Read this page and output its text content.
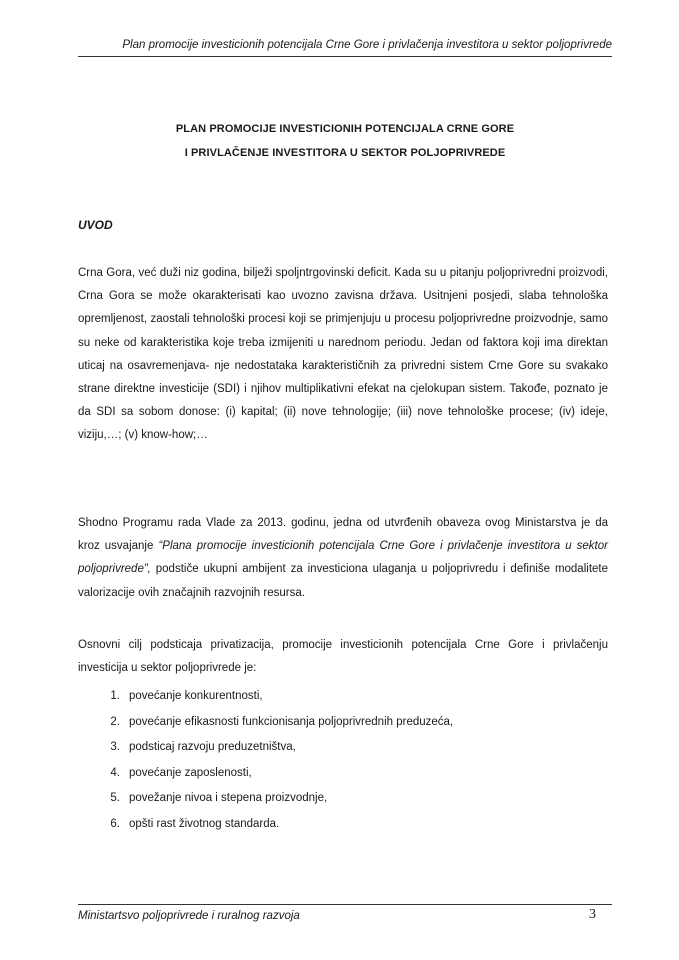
Plan promocije investicionih potencijala Crne Gore i privlačenja investitora u sektor poljoprivrede
PLAN PROMOCIJE INVESTICIONIH POTENCIJALA CRNE GORE
I PRIVLAČENJE INVESTITORA U SEKTOR POLJOPRIVREDE
UVOD
Crna Gora, već duži niz godina, bilježi spoljntrgovinski deficit. Kada su u pitanju poljoprivredni proizvodi, Crna Gora se može okarakterisati kao uvozno zavisna država. Usitnjeni posjedi, slaba tehnološka opremljenost, zaostali tehnološki procesi koji se primjenjuju u procesu poljoprivredne proizvodnje, samo su neke od karakteristika koje treba izmijeniti u narednom periodu. Jedan od faktora koji ima direktan uticaj na osavremenjava- nje nedostataka karakterističnih za privredni sistem Crne Gore su svakako strane direktne investicije (SDI) i njihov multiplikativni efekat na cjelokupan sistem. Takođe, poznato je da SDI sa sobom donose: (i) kapital; (ii) nove tehnologije; (iii) nove tehnološke procese; (iv) ideje, viziju,…; (v) know-how;…
Shodno Programu rada Vlade za 2013. godinu, jedna od utvrđenih obaveza ovog Ministarstva je da kroz usvajanje “Plana promocije investicionih potencijala Crne Gore i privlačenje investitora u sektor poljoprivrede”, podstiče ukupni ambijent za investiciona ulaganja u poljoprivredu i definiše modalitete valorizacije ovih značajnih razvojnih resursa.
Osnovni cilj podsticaja privatizacija, promocije investicionih potencijala Crne Gore i privlačenju investicija u sektor poljoprivrede je:
1. povećanje konkurentnosti,
2. povećanje efikasnosti funkcionisanja poljoprivrednih preduzeća,
3. podsticaj razvoju preduzetništva,
4. povećanje zaposlenosti,
5. povežanje nivoa i stepena proizvodnje,
6. opšti rast životnog standarda.
Ministartsvo poljoprivrede i ruralnog razvoja	3
